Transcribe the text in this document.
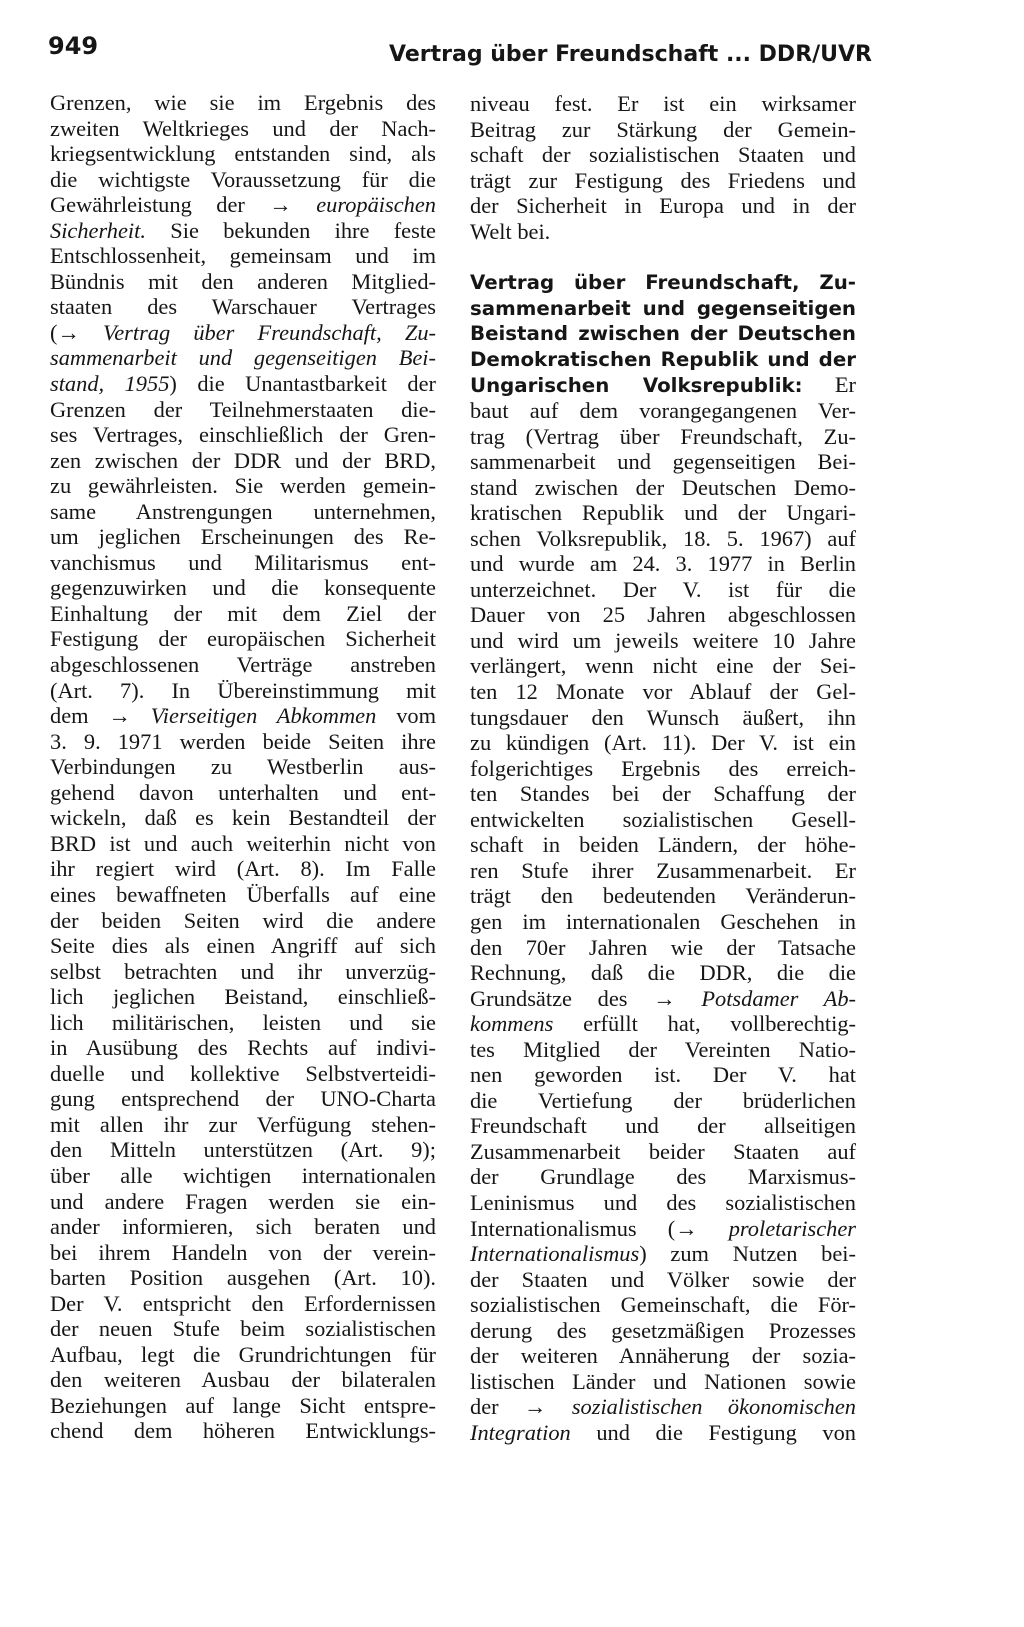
949	Vertrag über Freundschaft ... DDR/UVR
Grenzen, wie sie im Ergebnis des
zweiten Weltkrieges und der Nach-
kriegsentwicklung entstanden sind, als
die wichtigste Voraussetzung für die
Gewährleistung der → europäischen
Sicherheit. Sie bekunden ihre feste
Entschlossenheit, gemeinsam und im
Bündnis mit den anderen Mitglied-
staaten des Warschauer Vertrages
(→ Vertrag über Freundschaft, Zu-
sammenarbeit und gegenseitigen Bei-
stand, 1955) die Unantastbarkeit der
Grenzen der Teilnehmerstaaten die-
ses Vertrages, einschließlich der Gren-
zen zwischen der DDR und der BRD,
zu gewährleisten. Sie werden gemein-
same Anstrengungen unternehmen,
um jeglichen Erscheinungen des Re-
vanchismus und Militarismus ent-
gegenzuwirken und die konsequente
Einhaltung der mit dem Ziel der
Festigung der europäischen Sicherheit
abgeschlossenen Verträge anstreben
(Art. 7). In Übereinstimmung mit
dem → Vierseitigen Abkommen vom
3. 9. 1971 werden beide Seiten ihre
Verbindungen zu Westberlin aus-
gehend davon unterhalten und ent-
wickeln, daß es kein Bestandteil der
BRD ist und auch weiterhin nicht von
ihr regiert wird (Art. 8). Im Falle
eines bewaffneten Überfalls auf eine
der beiden Seiten wird die andere
Seite dies als einen Angriff auf sich
selbst betrachten und ihr unverzüg-
lich jeglichen Beistand, einschließ-
lich militärischen, leisten und sie
in Ausübung des Rechts auf indivi-
duelle und kollektive Selbstverteidi-
gung entsprechend der UNO-Charta
mit allen ihr zur Verfügung stehen-
den Mitteln unterstützen (Art. 9);
über alle wichtigen internationalen
und andere Fragen werden sie ein-
ander informieren, sich beraten und
bei ihrem Handeln von der verein-
barten Position ausgehen (Art. 10).
Der V. entspricht den Erfordernissen
der neuen Stufe beim sozialistischen
Aufbau, legt die Grundrichtungen für
den weiteren Ausbau der bilateralen
Beziehungen auf lange Sicht entspre-
chend dem höheren Entwicklungs-
niveau fest. Er ist ein wirksamer
Beitrag zur Stärkung der Gemein-
schaft der sozialistischen Staaten und
trägt zur Festigung des Friedens und
der Sicherheit in Europa und in der
Welt bei.
Vertrag über Freundschaft, Zu-
sammenarbeit und gegenseitigen
Beistand zwischen der Deutschen
Demokratischen Republik und der
Ungarischen Volksrepublik: Er
baut auf dem vorangegangenen Ver-
trag (Vertrag über Freundschaft, Zu-
sammenarbeit und gegenseitigen Bei-
stand zwischen der Deutschen Demo-
kratischen Republik und der Ungari-
schen Volksrepublik, 18. 5. 1967) auf
und wurde am 24. 3. 1977 in Berlin
unterzeichnet. Der V. ist für die
Dauer von 25 Jahren abgeschlossen
und wird um jeweils weitere 10 Jahre
verlängert, wenn nicht eine der Sei-
ten 12 Monate vor Ablauf der Gel-
tungsdauer den Wunsch äußert, ihn
zu kündigen (Art. 11). Der V. ist ein
folgerichtiges Ergebnis des erreich-
ten Standes bei der Schaffung der
entwickelten sozialistischen Gesell-
schaft in beiden Ländern, der höhe-
ren Stufe ihrer Zusammenarbeit. Er
trägt den bedeutenden Veränderun-
gen im internationalen Geschehen in
den 70er Jahren wie der Tatsache
Rechnung, daß die DDR, die die
Grundsätze des → Potsdamer Ab-
kommens erfüllt hat, vollberechtig-
tes Mitglied der Vereinten Natio-
nen geworden ist. Der V. hat
die Vertiefung der brüderlichen
Freundschaft und der allseitigen
Zusammenarbeit beider Staaten auf
der Grundlage des Marxismus-
Leninismus und des sozialistischen
Internationalismus (→ proletarischer
Internationalismus) zum Nutzen bei-
der Staaten und Völker sowie der
sozialistischen Gemeinschaft, die För-
derung des gesetzmäßigen Prozesses
der weiteren Annäherung der sozia-
listischen Länder und Nationen sowie
der → sozialistischen ökonomischen
Integration und die Festigung von
